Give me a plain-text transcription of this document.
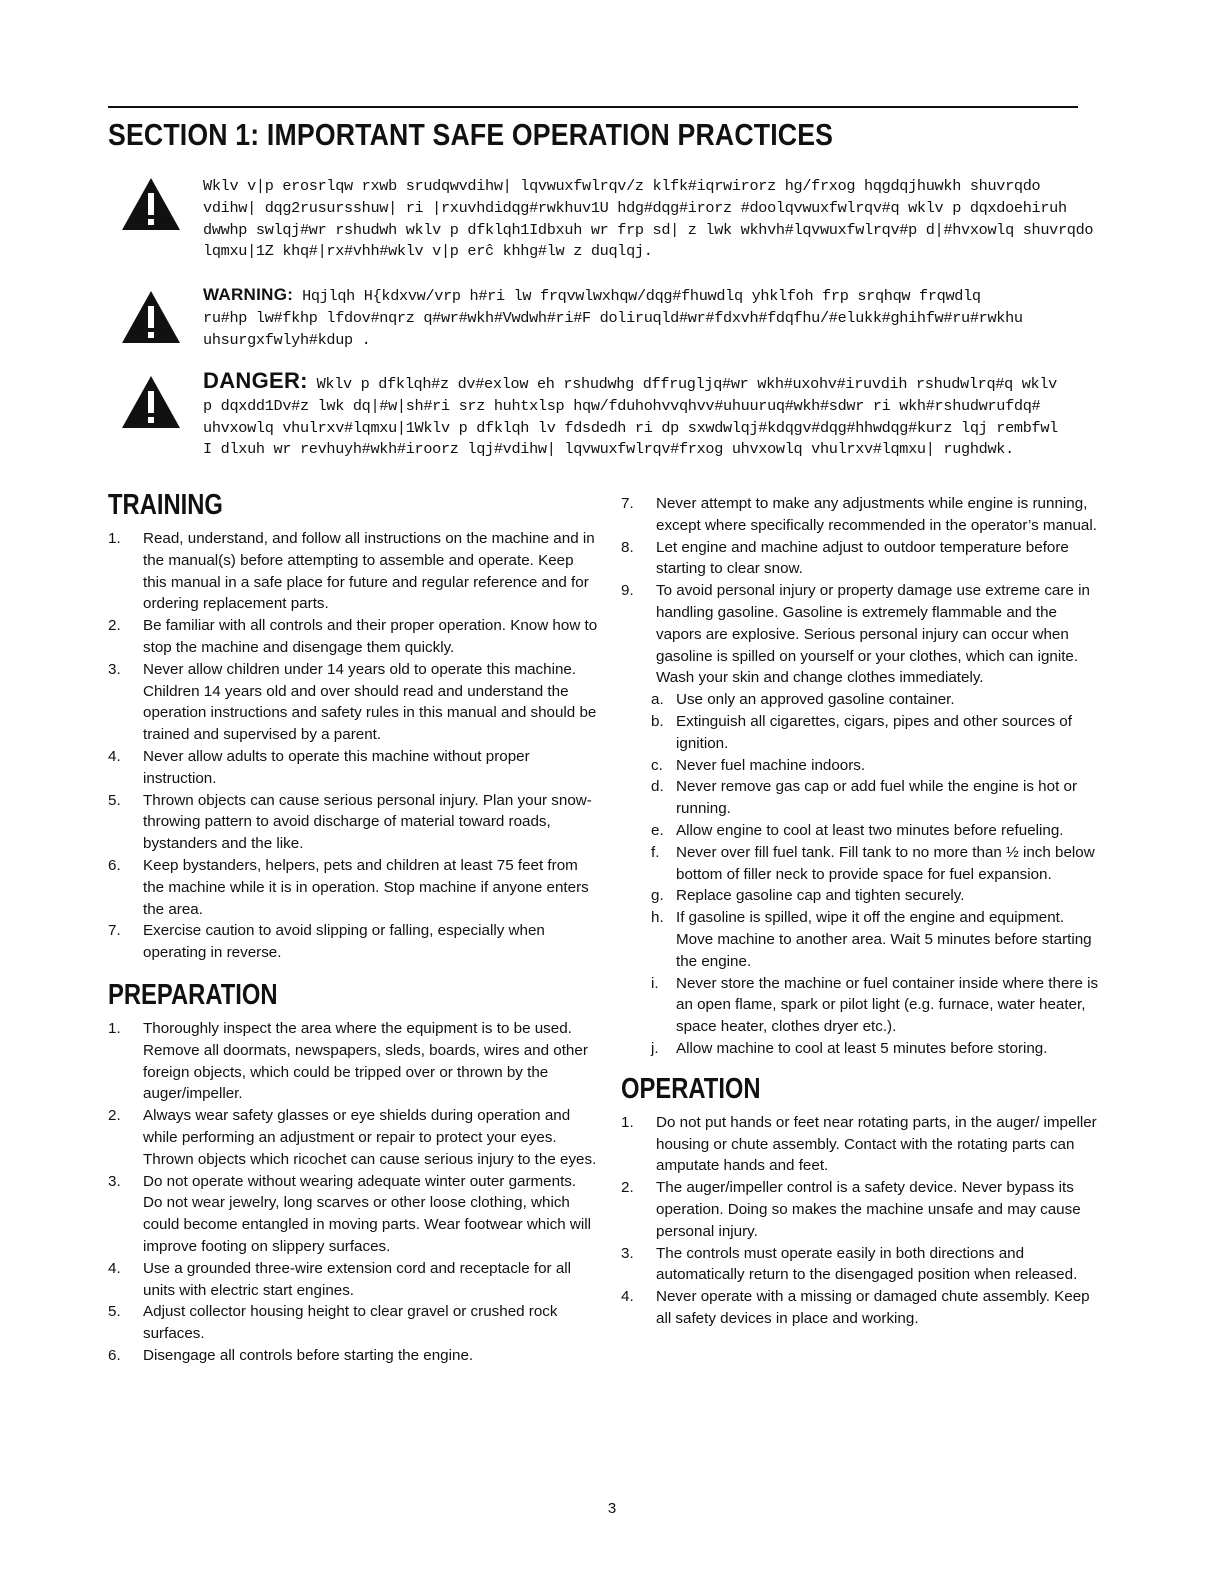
SECTION 1: IMPORTANT SAFE OPERATION PRACTICES
Wklv v|p erosrlqw rxwb srudqwvdihw| lqvwuxfwlrqv/z klfk#iqrwirorz hg/frxog hqgdqjhuwkh shuvrqdo
vdihw| dqg2rusursshuw| ri |rxuvhdidqg#rwkhuv1U hdg#dqg#irorz #doolqvwuxfwlrqv#q wklv p dqxdoehiruh
dwwhp swlqj#wr rshudwh wklv p dfklqh1Idbxuh wr frp sd| z lwk wkhvh#lqvwuxfwlrqv#p d|#hvxowlq shuvrqdo
lqmxu|1Z khq#|rx#vhh#wklv v|p erĉ khhg#lw z duqlqj.
WARNING: Hqjlqh H{kdxvw/vrp h#ri lw frqvwlwxhqw/dqg#fhuwdlq yhklfoh frp srqhqw frqwdlq
ru#hp lw#fkhp lfdov#nqrz q#wr#wkh#Vwdwh#ri#F doliruqld#wr#fdxvh#fdqfhu/#elukk#ghihfw#ru#rwkhu
uhsurgxfwlyh#kdup .
DANGER: Wklv p dfklqh#z dv#exlow eh rshudwhg dffrugljq#wr wkh#uxohv#iruvdih rshudwlrq#q wklv
p dqxdd1Dv#z lwk dq|#w|sh#ri srz huhtxlsp hqw/fduhohvvqhvv#uhuuruq#wkh#sdwr ri wkh#rshudwrufdq#
uhvxowlq vhulrxv#lqmxu|1Wklv p dfklqh lv fdsdedh ri dp sxwdwlqj#kdqgv#dqg#hhwdqg#kurz lqj rembfwl
I dlxuh wr revhuyh#wkh#iroorz lqj#vdihw| lqvwuxfwlrqv#frxog uhvxowlq vhulrxv#lqmxu| rughdwk.
TRAINING
1.	Read, understand, and follow all instructions on the machine and in the manual(s) before attempting to assemble and operate. Keep this manual in a safe place for future and regular reference and for ordering replacement parts.
2.	Be familiar with all controls and their proper operation. Know how to stop the machine and disengage them quickly.
3.	Never allow children under 14 years old to operate this machine. Children 14 years old and over should read and understand the operation instructions and safety rules in this manual and should be trained and supervised by a parent.
4.	Never allow adults to operate this machine without proper instruction.
5.	Thrown objects can cause serious personal injury. Plan your snow-throwing pattern to avoid discharge of material toward roads, bystanders and the like.
6.	Keep bystanders, helpers, pets and children at least 75 feet from the machine while it is in operation. Stop machine if anyone enters the area.
7.	Exercise caution to avoid slipping or falling, especially when operating in reverse.
PREPARATION
1.	Thoroughly inspect the area where the equipment is to be used. Remove all doormats, newspapers, sleds, boards, wires and other foreign objects, which could be tripped over or thrown by the auger/impeller.
2.	Always wear safety glasses or eye shields during operation and while performing an adjustment or repair to protect your eyes. Thrown objects which ricochet can cause serious injury to the eyes.
3.	Do not operate without wearing adequate winter outer garments. Do not wear jewelry, long scarves or other loose clothing, which could become entangled in moving parts. Wear footwear which will improve footing on slippery surfaces.
4.	Use a grounded three-wire extension cord and receptacle for all units with electric start engines.
5.	Adjust collector housing height to clear gravel or crushed rock surfaces.
6.	Disengage all controls before starting the engine.
7.	Never attempt to make any adjustments while engine is running, except where specifically recommended in the operator’s manual.
8.	Let engine and machine adjust to outdoor temperature before starting to clear snow.
9.	To avoid personal injury or property damage use extreme care in handling gasoline. Gasoline is extremely flammable and the vapors are explosive. Serious personal injury can occur when gasoline is spilled on yourself or your clothes, which can ignite. Wash your skin and change clothes immediately.
a. Use only an approved gasoline container.
b. Extinguish all cigarettes, cigars, pipes and other sources of ignition.
c. Never fuel machine indoors.
d. Never remove gas cap or add fuel while the engine is hot or running.
e. Allow engine to cool at least two minutes before refueling.
f. Never over fill fuel tank. Fill tank to no more than ½ inch below bottom of filler neck to provide space for fuel expansion.
g. Replace gasoline cap and tighten securely.
h. If gasoline is spilled, wipe it off the engine and equipment. Move machine to another area. Wait 5 minutes before starting the engine.
i. Never store the machine or fuel container inside where there is an open flame, spark or pilot light (e.g. furnace, water heater, space heater, clothes dryer etc.).
j. Allow machine to cool at least 5 minutes before storing.
OPERATION
1.	Do not put hands or feet near rotating parts, in the auger/ impeller housing or chute assembly. Contact with the rotating parts can amputate hands and feet.
2.	The auger/impeller control is a safety device. Never bypass its operation. Doing so makes the machine unsafe and may cause personal injury.
3.	The controls must operate easily in both directions and automatically return to the disengaged position when released.
4.	Never operate with a missing or damaged chute assembly. Keep all safety devices in place and working.
3
